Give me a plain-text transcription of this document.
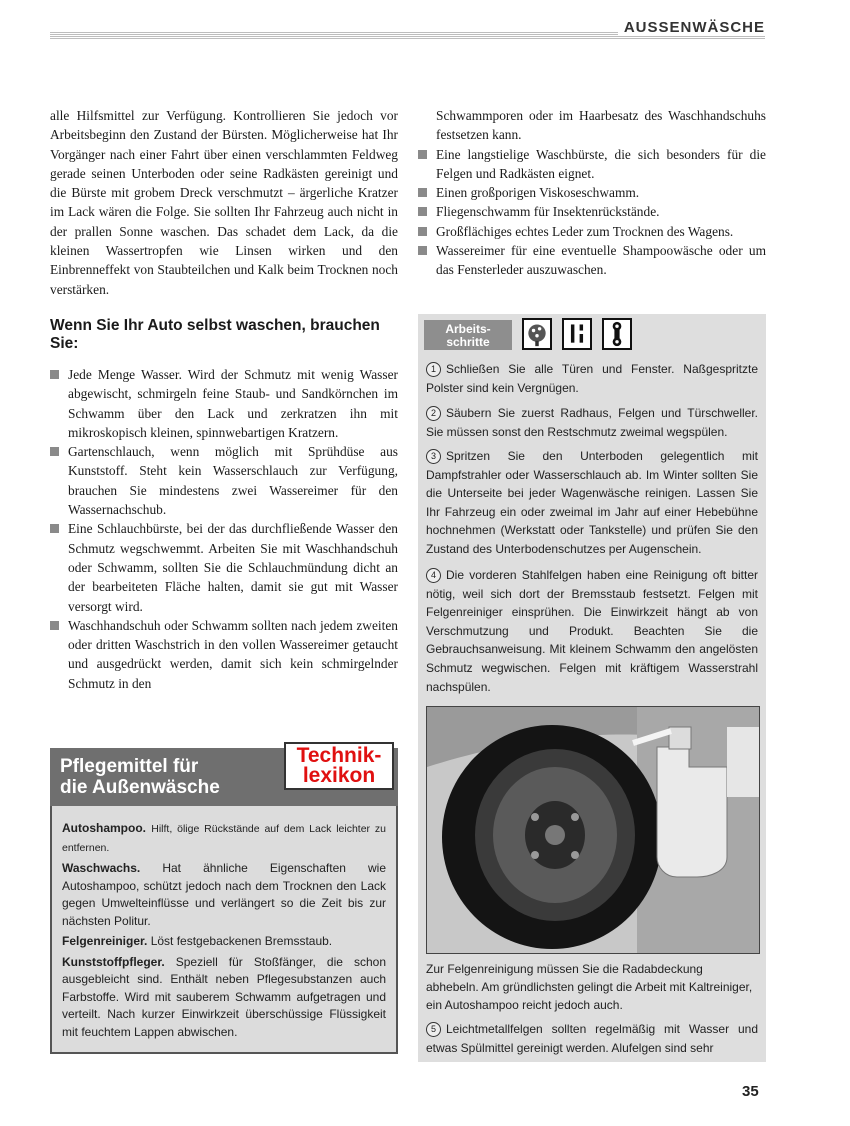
AUSSENWÄSCHE

alle Hilfsmittel zur Verfügung. Kontrollieren Sie jedoch vor Arbeitsbeginn den Zustand der Bürsten. Möglicherweise hat Ihr Vorgänger nach einer Fahrt über einen verschlammten Feldweg gerade seinen Unterboden oder seine Radkästen gereinigt und die Bürste mit grobem Dreck verschmutzt – ärgerliche Kratzer im Lack wären die Folge. Sie sollten Ihr Fahrzeug auch nicht in der prallen Sonne waschen. Das schadet dem Lack, da die kleinen Wassertropfen wie Linsen wirken und den Einbrenneffekt von Staubteilchen und Kalk beim Trocknen noch verstärken.

Wenn Sie Ihr Auto selbst waschen, brauchen Sie:
Jede Menge Wasser. Wird der Schmutz mit wenig Wasser abgewischt, schmirgeln feine Staub- und Sandkörnchen im Schwamm über den Lack und zerkratzen ihn mit mikroskopisch kleinen, spinnwebartigen Kratzern.
Gartenschlauch, wenn möglich mit Sprühdüse aus Kunststoff. Steht kein Wasserschlauch zur Verfügung, brauchen Sie mindestens zwei Wassereimer für den Wassernachschub.
Eine Schlauchbürste, bei der das durchfließende Wasser den Schmutz wegschwemmt. Arbeiten Sie mit Waschhandschuh oder Schwamm, sollten Sie die Schlauchmündung dicht an der bearbeiteten Fläche halten, damit sie gut mit Wasser versorgt wird.
Waschhandschuh oder Schwamm sollten nach jedem zweiten oder dritten Waschstrich in den vollen Wassereimer getaucht und ausgedrückt werden, damit sich kein schmirgelnder Schmutz in den

Schwammporen oder im Haarbesatz des Waschhandschuhs festsetzen kann.

Eine langstielige Waschbürste, die sich besonders für die Felgen und Radkästen eignet.
Einen großporigen Viskoseschwamm.
Fliegenschwamm für Insektenrückstände.
Großflächiges echtes Leder zum Trocknen des Wagens.
Wassereimer für eine eventuelle Shampoowäsche oder um das Fensterleder auszuwaschen.
Pflegemittel für
die Außenwäsche
Technik-
lexikon

Autoshampoo. Hilft, ölige Rückstände auf dem Lack leichter zu entfernen.

Waschwachs. Hat ähnliche Eigenschaften wie Autoshampoo, schützt jedoch nach dem Trocknen den Lack gegen Umwelteinflüsse und verlängert so die Zeit bis zur nächsten Politur.

Felgenreiniger. Löst festgebackenen Bremsstaub.

Kunststoffpfleger. Speziell für Stoßfänger, die schon ausgebleicht sind. Enthält neben Pflegesubstanzen auch Farbstoffe. Wird mit sauberem Schwamm aufgetragen und verteilt. Nach kurzer Einwirkzeit überschüssige Flüssigkeit mit feuchtem Lappen abwischen.

Arbeits-
schritte

1 Schließen Sie alle Türen und Fenster. Naßgespritzte Polster sind kein Vergnügen.

2 Säubern Sie zuerst Radhaus, Felgen und Türschweller. Sie müssen sonst den Restschmutz zweimal wegspülen.

3 Spritzen Sie den Unterboden gelegentlich mit Dampfstrahler oder Wasserschlauch ab. Im Winter sollten Sie die Unterseite bei jeder Wagenwäsche reinigen. Lassen Sie Ihr Fahrzeug ein oder zweimal im Jahr auf einer Hebebühne hochnehmen (Werkstatt oder Tankstelle) und prüfen Sie den Zustand des Unterbodenschutzes per Augenschein.

4 Die vorderen Stahlfelgen haben eine Reinigung oft bitter nötig, weil sich dort der Bremsstaub festsetzt. Felgen mit Felgenreiniger einsprühen. Die Einwirkzeit hängt ab von Verschmutzung und Produkt. Beachten Sie die Gebrauchsanweisung. Mit kleinem Schwamm den angelösten Schmutz wegwischen. Felgen mit kräftigem Wasserstrahl nachspülen.

Zur Felgenreinigung müssen Sie die Radabdeckung abhebeln. Am gründlichsten gelingt die Arbeit mit Kaltreiniger, ein Autoshampoo reicht jedoch auch.

5 Leichtmetallfelgen sollten regelmäßig mit Wasser und etwas Spülmittel gereinigt werden. Alufelgen sind sehr

35
